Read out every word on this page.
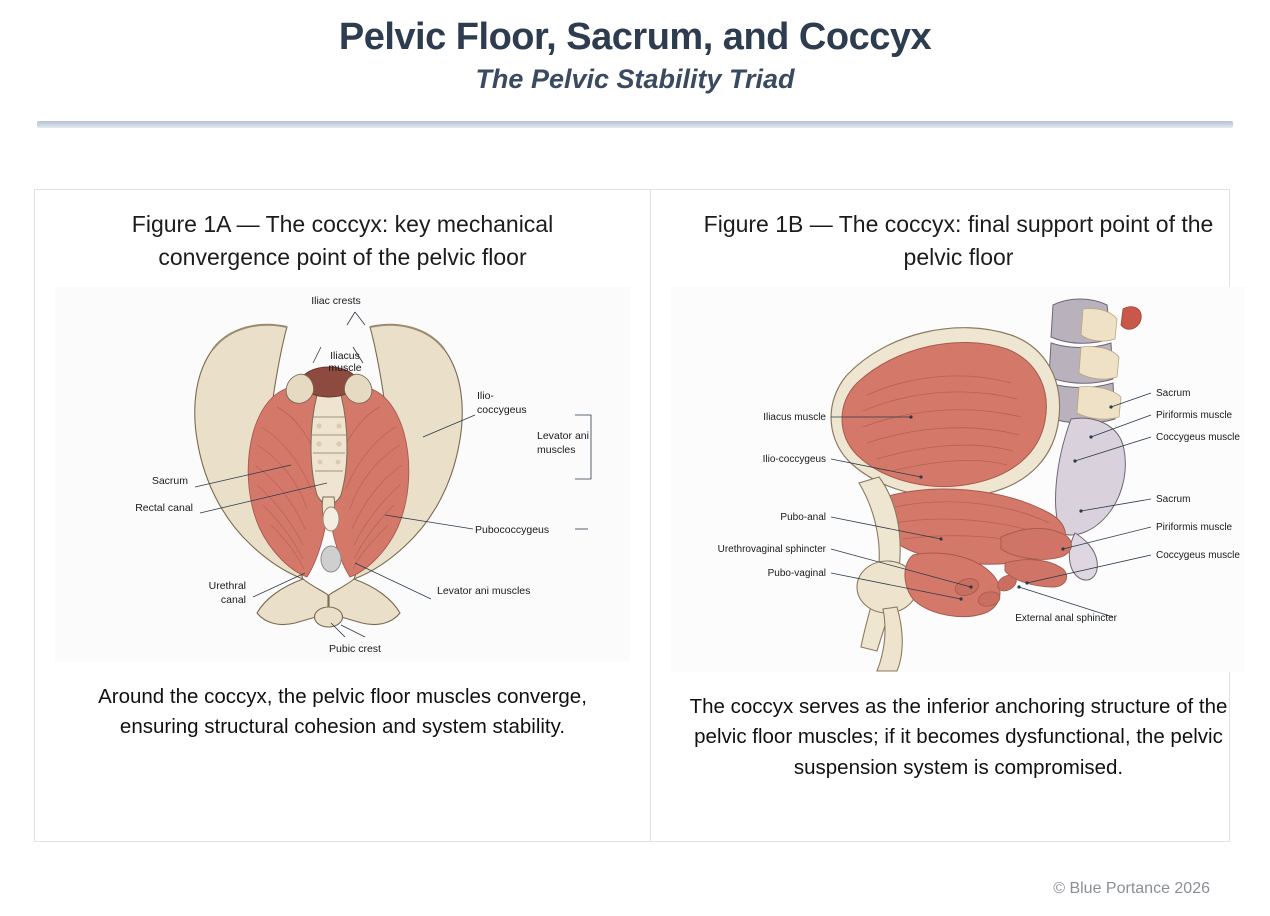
Pelvic Floor, Sacrum, and Coccyx
The Pelvic Stability Triad
Figure 1A — The coccyx: key mechanical convergence point of the pelvic floor
Iliac crests
Iliacus
muscle
Ilio-
coccygeus
Levator ani
muscles
Sacrum
Rectal canal
Pubococcygeus
Urethral
canal
Levator ani muscles
Pubic crest
Around the coccyx, the pelvic floor muscles converge, ensuring structural cohesion and system stability.
Figure 1B — The coccyx: final support point of the pelvic floor
Iliacus muscle
Ilio-coccygeus
Pubo-anal
Urethrovaginal sphincter
Pubo-vaginal
Sacrum
Piriformis muscle
Coccygeus muscle
Sacrum
Piriformis muscle
Coccygeus muscle
External anal sphincter
The coccyx serves as the inferior anchoring structure of the pelvic floor muscles; if it becomes dysfunctional, the pelvic suspension system is compromised.
© Blue Portance 2026
